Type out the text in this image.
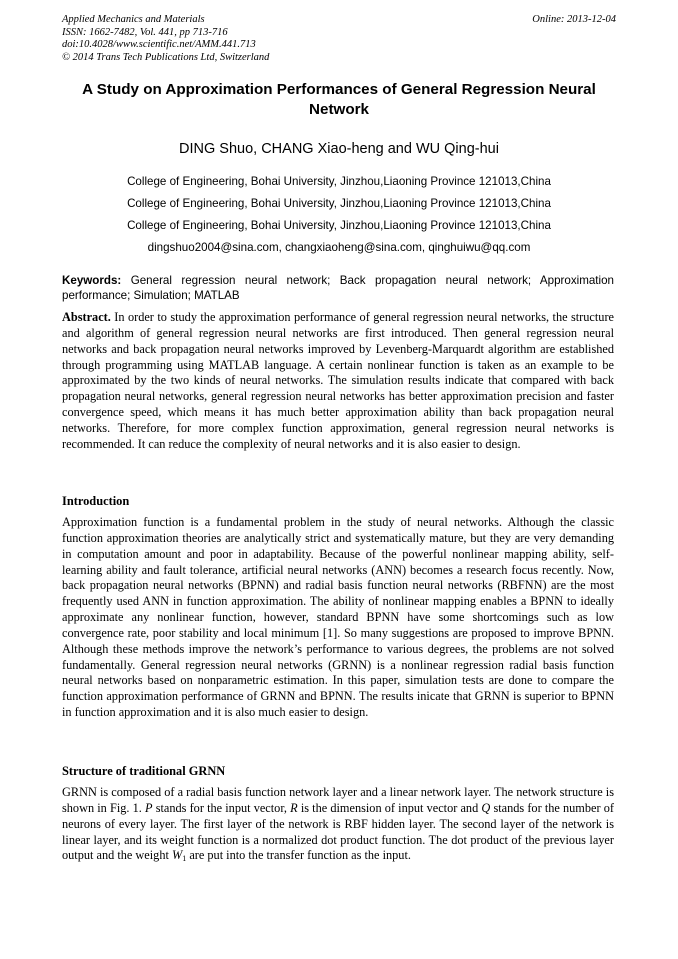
Applied Mechanics and Materials
ISSN: 1662-7482, Vol. 441, pp 713-716
doi:10.4028/www.scientific.net/AMM.441.713
© 2014 Trans Tech Publications Ltd, Switzerland
Online: 2013-12-04
A Study on Approximation Performances of General Regression Neural Network
DING Shuo, CHANG Xiao-heng and WU Qing-hui
College of Engineering, Bohai University, Jinzhou,Liaoning Province 121013,China
College of Engineering, Bohai University, Jinzhou,Liaoning Province 121013,China
College of Engineering, Bohai University, Jinzhou,Liaoning Province 121013,China
dingshuo2004@sina.com, changxiaoheng@sina.com, qinghuiwu@qq.com
Keywords: General regression neural network; Back propagation neural network; Approximation performance; Simulation; MATLAB
Abstract. In order to study the approximation performance of general regression neural networks, the structure and algorithm of general regression neural networks are first introduced. Then general regression neural networks and back propagation neural networks improved by Levenberg-Marquardt algorithm are established through programming using MATLAB language. A certain nonlinear function is taken as an example to be approximated by the two kinds of neural networks. The simulation results indicate that compared with back propagation neural networks, general regression neural networks has better approximation precision and faster convergence speed, which means it has much better approximation ability than back propagation neural networks. Therefore, for more complex function approximation, general regression neural networks is recommended. It can reduce the complexity of neural networks and it is also easier to design.
Introduction
Approximation function is a fundamental problem in the study of neural networks. Although the classic function approximation theories are analytically strict and systematically mature, but they are very demanding in computation amount and poor in adaptability. Because of the powerful nonlinear mapping ability, self-learning ability and fault tolerance, artificial neural networks (ANN) becomes a research focus recently. Now, back propagation neural networks (BPNN) and radial basis function neural networks (RBFNN) are the most frequently used ANN in function approximation. The ability of nonlinear mapping enables a BPNN to ideally approximate any nonlinear function, however, standard BPNN have some shortcomings such as low convergence rate, poor stability and local minimum [1]. So many suggestions are proposed to improve BPNN. Although these methods improve the network’s performance to various degrees, the problems are not solved fundamentally. General regression neural networks (GRNN) is a nonlinear regression radial basis function neural networks based on nonparametric estimation. In this paper, simulation tests are done to compare the function approximation performance of GRNN and BPNN. The results inicate that GRNN is superior to BPNN in function approximation and it is also much easier to design.
Structure of traditional GRNN
GRNN is composed of a radial basis function network layer and a linear network layer. The network structure is shown in Fig. 1. P stands for the input vector, R is the dimension of input vector and Q stands for the number of neurons of every layer. The first layer of the network is RBF hidden layer. The second layer of the network is linear layer, and its weight function is a normalized dot product function. The dot product of the previous layer output and the weight $W_1$ are put into the transfer function as the input.
